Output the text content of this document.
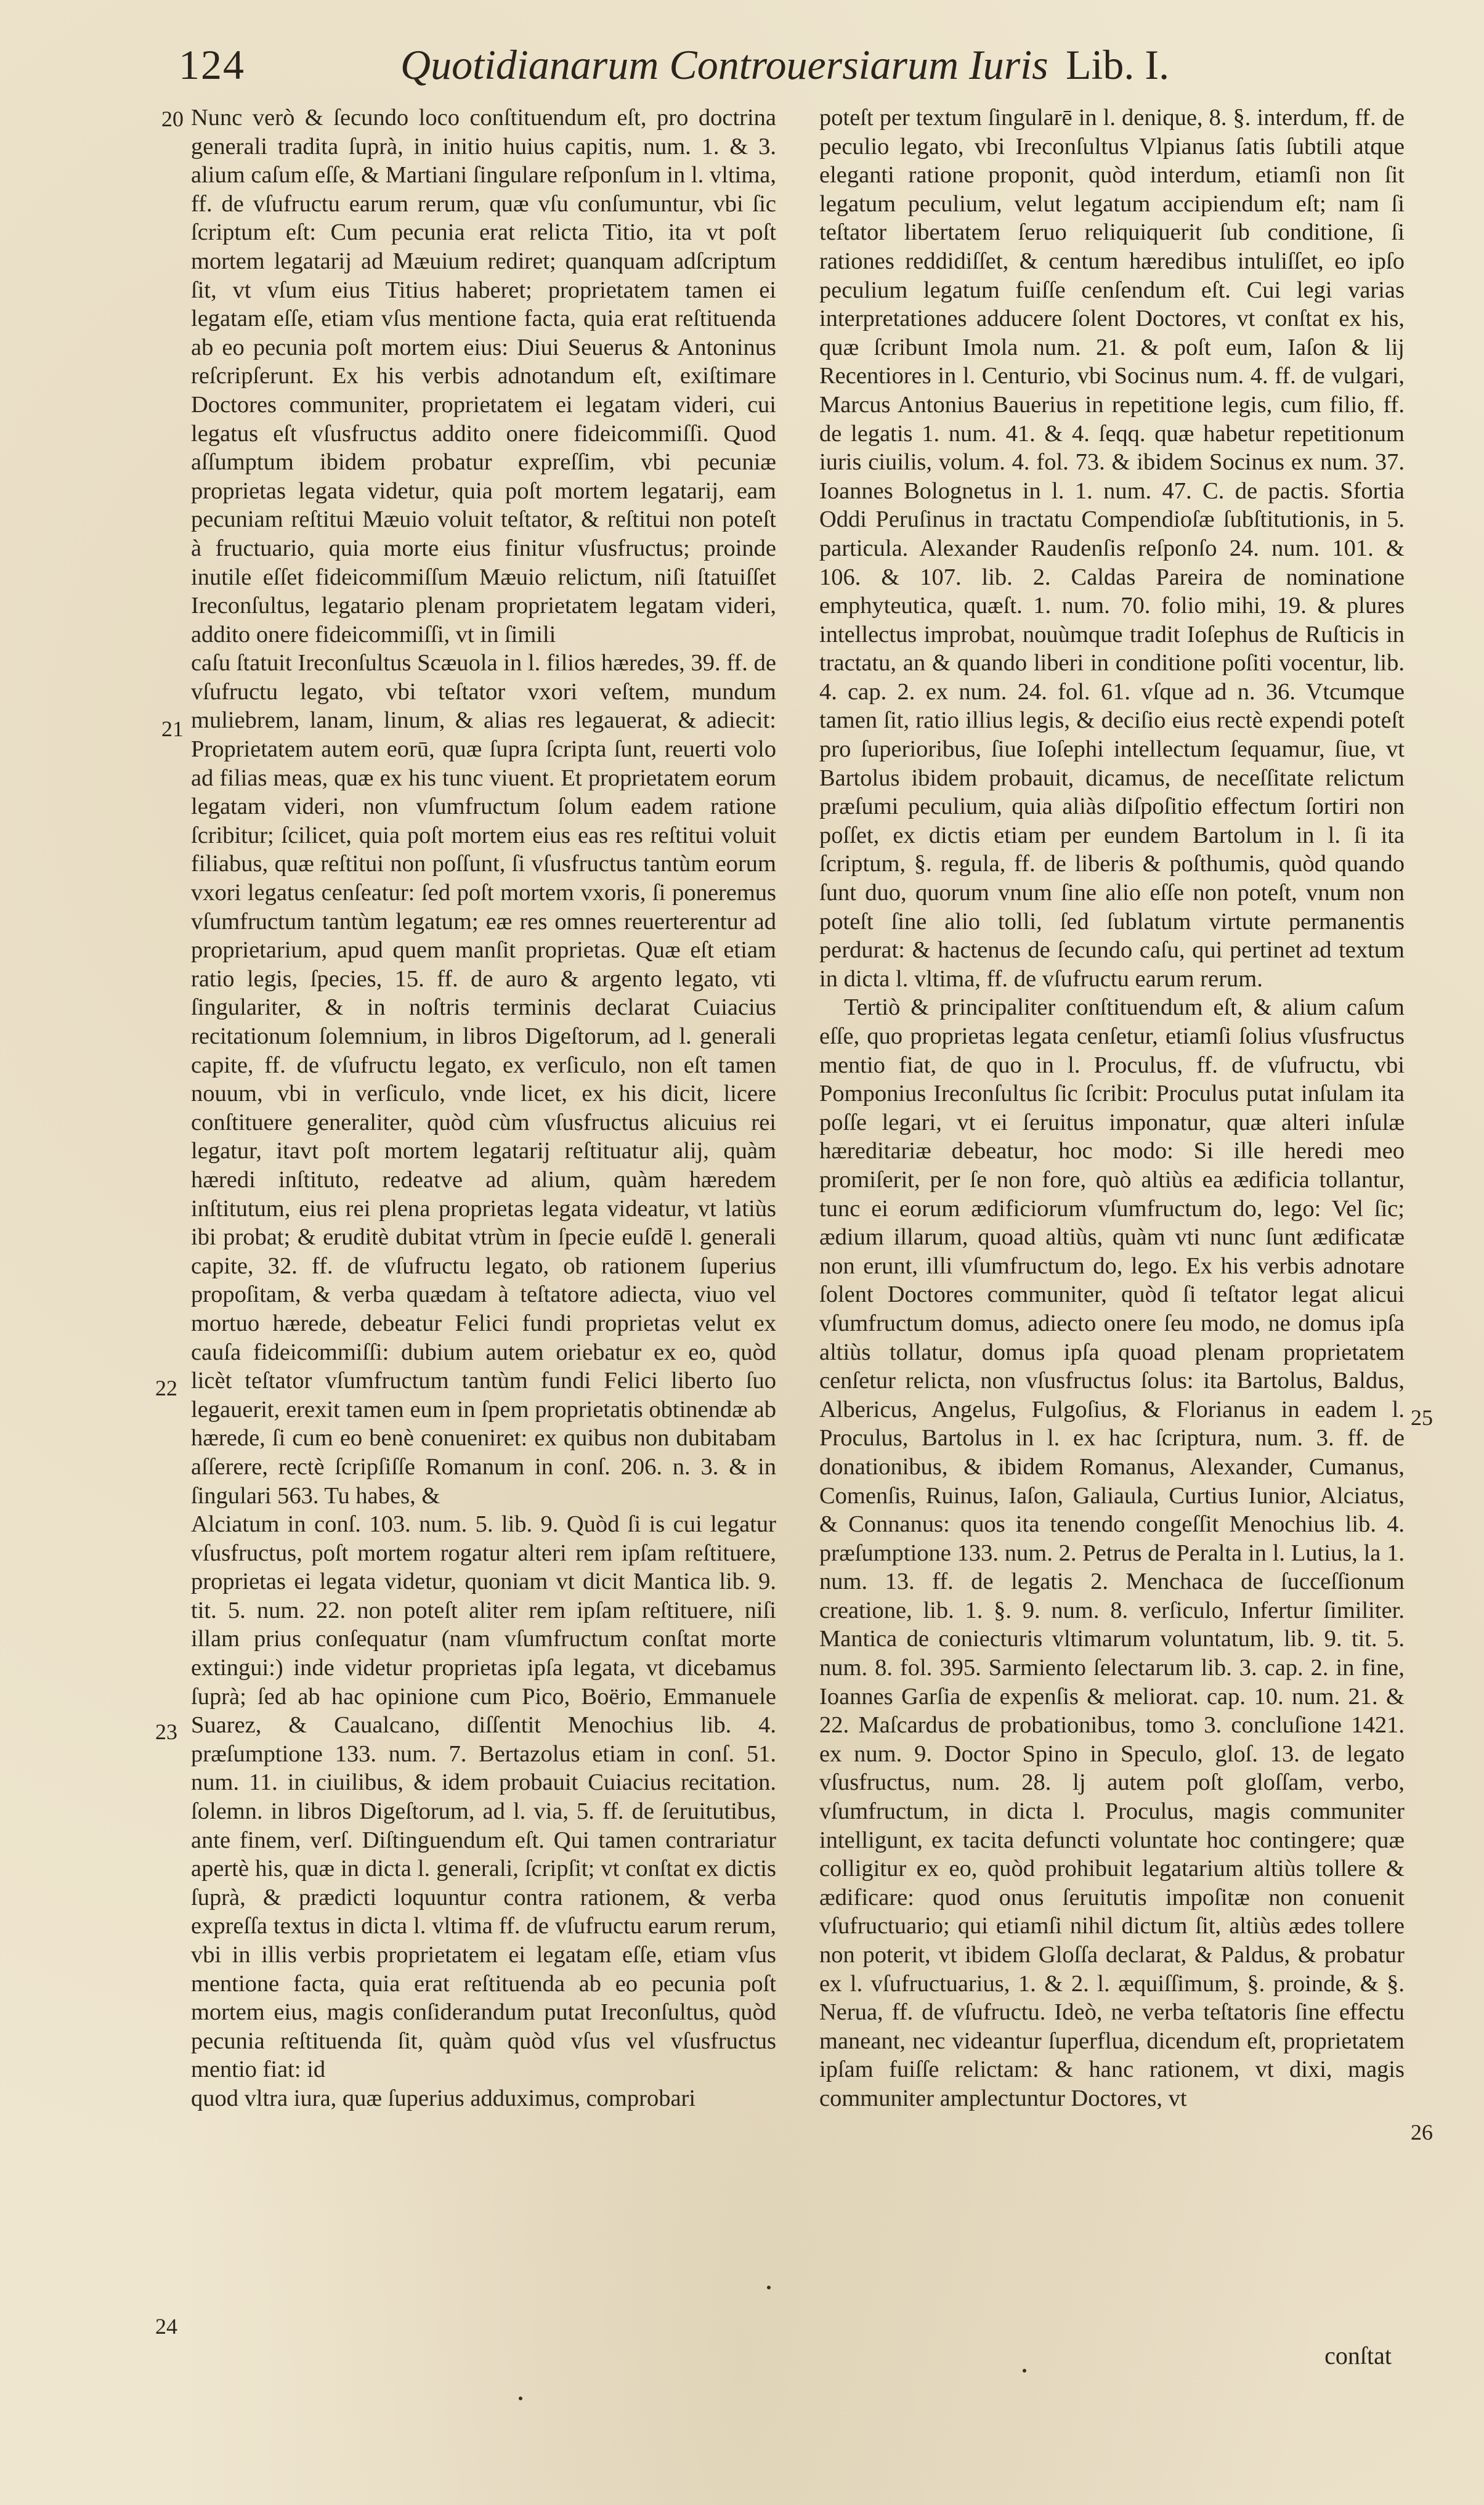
124	Quotidianarum Controuersiarum Iuris Lib. I.
20
21
22
23
24
25
26

Nunc verò & ſecundo loco conſtituendum eſt, pro doctrina generali tradita ſuprà, in initio huius capitis, num. 1. & 3. alium caſum eſſe, & Martiani ſingulare reſponſum in l. vltima, ff. de vſufructu earum rerum, quæ vſu conſumuntur, vbi ſic ſcriptum eſt: Cum pecunia erat relicta Titio, ita vt poſt mortem legatarij ad Mæuium rediret; quanquam adſcriptum ſit, vt vſum eius Titius haberet; proprietatem tamen ei legatam eſſe, etiam vſus mentione facta, quia erat reſtituenda ab eo pecunia poſt mortem eius: Diui Seuerus & Antoninus reſcripſerunt. Ex his verbis adnotandum eſt, exiſtimare Doctores communiter, proprietatem ei legatam videri, cui legatus eſt vſusfructus addito onere fideicommiſſi. Quod aſſumptum ibidem probatur expreſſim, vbi pecuniæ proprietas legata videtur, quia poſt mortem legatarij, eam pecuniam reſtitui Mæuio voluit teſtator, & reſtitui non poteſt à fructuario, quia morte eius finitur vſusfructus; proinde inutile eſſet fideicommiſſum Mæuio relictum, niſi ſtatuiſſet Ireconſultus, legatario plenam proprietatem legatam videri, addito onere fideicommiſſi, vt in ſimili

caſu ſtatuit Ireconſultus Scæuola in l. filios hæredes, 39. ff. de vſufructu legato, vbi teſtator vxori veſtem, mundum muliebrem, lanam, linum, & alias res legauerat, & adiecit: Proprietatem autem eorū, quæ ſupra ſcripta ſunt, reuerti volo ad filias meas, quæ ex his tunc viuent. Et proprietatem eorum legatam videri, non vſumfructum ſolum eadem ratione ſcribitur; ſcilicet, quia poſt mortem eius eas res reſtitui voluit filiabus, quæ reſtitui non poſſunt, ſi vſusfructus tantùm eorum vxori legatus cenſeatur: ſed poſt mortem vxoris, ſi poneremus vſumfructum tantùm legatum; eæ res omnes reuerterentur ad proprietarium, apud quem manſit proprietas. Quæ eſt etiam ratio legis, ſpecies, 15. ff. de auro & argento legato, vti ſingulariter, & in noſtris terminis declarat Cuiacius recitationum ſolemnium, in libros Digeſtorum, ad l. generali capite, ff. de vſufructu legato, ex verſiculo, non eſt tamen nouum, vbi in verſiculo, vnde licet, ex his dicit, licere conſtituere generaliter, quòd cùm vſusfructus alicuius rei legatur, itavt poſt mortem legatarij reſtituatur alij, quàm hæredi inſtituto, redeatve ad alium, quàm hæredem inſtitutum, eius rei plena proprietas legata videatur, vt latiùs ibi probat; & eruditè dubitat vtrùm in ſpecie euſdē l. generali capite, 32. ff. de vſufructu legato, ob rationem ſuperius propoſitam, & verba quædam à teſtatore adiecta, viuo vel mortuo hærede, debeatur Felici fundi proprietas velut ex cauſa fideicommiſſi: dubium autem oriebatur ex eo, quòd licèt teſtator vſumfructum tantùm fundi Felici liberto ſuo legauerit, erexit tamen eum in ſpem proprietatis obtinendæ ab hærede, ſi cum eo benè conueniret: ex quibus non dubitabam aſſerere, rectè ſcripſiſſe Romanum in conſ. 206. n. 3. & in ſingulari 563. Tu habes, &

Alciatum in conſ. 103. num. 5. lib. 9. Quòd ſi is cui legatur vſusfructus, poſt mortem rogatur alteri rem ipſam reſtituere, proprietas ei legata videtur, quoniam vt dicit Mantica lib. 9. tit. 5. num. 22. non poteſt aliter rem ipſam reſtituere, niſi illam prius conſequatur (nam vſumfructum conſtat morte extingui:) inde videtur proprietas ipſa legata, vt dicebamus ſuprà; ſed ab hac opinione cum Pico, Boërio, Emmanuele Suarez, & Caualcano, diſſentit Menochius lib. 4. præſumptione 133. num. 7. Bertazolus etiam in conſ. 51. num. 11. in ciuilibus, & idem probauit Cuiacius recitation. ſolemn. in libros Digeſtorum, ad l. via, 5. ff. de ſeruitutibus, ante finem, verſ. Diſtinguendum eſt. Qui tamen contrariatur apertè his, quæ in dicta l. generali, ſcripſit; vt conſtat ex dictis ſuprà, & prædicti loquuntur contra rationem, & verba expreſſa textus in dicta l. vltima ff. de vſufructu earum rerum, vbi in illis verbis proprietatem ei legatam eſſe, etiam vſus mentione facta, quia erat reſtituenda ab eo pecunia poſt mortem eius, magis conſiderandum putat Ireconſultus, quòd pecunia reſtituenda ſit, quàm quòd vſus vel vſusfructus mentio fiat: id

quod vltra iura, quæ ſuperius adduximus, comprobari

poteſt per textum ſingularē in l. denique, 8. §. interdum, ff. de peculio legato, vbi Ireconſultus Vlpianus ſatis ſubtili atque eleganti ratione proponit, quòd interdum, etiamſi non ſit legatum peculium, velut legatum accipiendum eſt; nam ſi teſtator libertatem ſeruo reliquiquerit ſub conditione, ſi rationes reddidiſſet, & centum hæredibus intuliſſet, eo ipſo peculium legatum fuiſſe cenſendum eſt. Cui legi varias interpretationes adducere ſolent Doctores, vt conſtat ex his, quæ ſcribunt Imola num. 21. & poſt eum, Iaſon & lij Recentiores in l. Centurio, vbi Socinus num. 4. ff. de vulgari, Marcus Antonius Bauerius in repetitione legis, cum filio, ff. de legatis 1. num. 41. & 4. ſeqq. quæ habetur repetitionum iuris ciuilis, volum. 4. fol. 73. & ibidem Socinus ex num. 37. Ioannes Bolognetus in l. 1. num. 47. C. de pactis. Sfortia Oddi Peruſinus in tractatu Compendioſæ ſubſtitutionis, in 5. particula. Alexander Raudenſis reſponſo 24. num. 101. & 106. & 107. lib. 2. Caldas Pareira de nominatione emphyteutica, quæſt. 1. num. 70. folio mihi, 19. & plures intellectus improbat, nouùmque tradit Ioſephus de Ruſticis in tractatu, an & quando liberi in conditione poſiti vocentur, lib. 4. cap. 2. ex num. 24. fol. 61. vſque ad n. 36. Vtcumque tamen ſit, ratio illius legis, & deciſio eius rectè expendi poteſt pro ſuperioribus, ſiue Ioſephi intellectum ſequamur, ſiue, vt Bartolus ibidem probauit, dicamus, de neceſſitate relictum præſumi peculium, quia aliàs diſpoſitio effectum ſortiri non poſſet, ex dictis etiam per eundem Bartolum in l. ſi ita ſcriptum, §. regula, ff. de liberis & poſthumis, quòd quando ſunt duo, quorum vnum ſine alio eſſe non poteſt, vnum non poteſt ſine alio tolli, ſed ſublatum virtute permanentis perdurat: & hactenus de ſecundo caſu, qui pertinet ad textum in dicta l. vltima, ff. de vſufructu earum rerum.

Tertiò & principaliter conſtituendum eſt, & alium caſum eſſe, quo proprietas legata cenſetur, etiamſi ſolius vſusfructus mentio fiat, de quo in l. Proculus, ff. de vſufructu, vbi Pomponius Ireconſultus ſic ſcribit: Proculus putat inſulam ita poſſe legari, vt ei ſeruitus imponatur, quæ alteri inſulæ hæreditariæ debeatur, hoc modo: Si ille heredi meo promiſerit, per ſe non fore, quò altiùs ea ædificia tollantur, tunc ei eorum ædificiorum vſumfructum do, lego: Vel ſic; ædium illarum, quoad altiùs, quàm vti nunc ſunt ædificatæ non erunt, illi vſumfructum do, lego. Ex his verbis adnotare ſolent Doctores communiter, quòd ſi teſtator legat alicui vſumfructum domus, adiecto onere ſeu modo, ne domus ipſa altiùs tollatur, domus ipſa quoad plenam proprietatem cenſetur relicta, non vſusfructus ſolus: ita Bartolus, Baldus, Albericus, Angelus, Fulgoſius, & Florianus in eadem l. Proculus, Bartolus in l. ex hac ſcriptura, num. 3. ff. de donationibus, & ibidem Romanus, Alexander, Cumanus, Comenſis, Ruinus, Iaſon, Galiaula, Curtius Iunior, Alciatus, & Connanus: quos ita tenendo congeſſit Menochius lib. 4. præſumptione 133. num. 2. Petrus de Peralta in l. Lutius, la 1. num. 13. ff. de legatis 2. Menchaca de ſucceſſionum creatione, lib. 1. §. 9. num. 8. verſiculo, Infertur ſimiliter. Mantica de coniecturis vltimarum voluntatum, lib. 9. tit. 5. num. 8. fol. 395. Sarmiento ſelectarum lib. 3. cap. 2. in fine, Ioannes Garſia de expenſis & meliorat. cap. 10. num. 21. & 22. Maſcardus de probationibus, tomo 3. concluſione 1421. ex num. 9. Doctor Spino in Speculo, gloſ. 13. de legato vſusfructus, num. 28. lj autem poſt gloſſam, verbo, vſumfructum, in dicta l. Proculus, magis communiter intelligunt, ex tacita defuncti voluntate hoc contingere; quæ colligitur ex eo, quòd prohibuit legatarium altiùs tollere & ædificare: quod onus ſeruitutis impoſitæ non conuenit vſufructuario; qui etiamſi nihil dictum ſit, altiùs ædes tollere non poterit, vt ibidem Gloſſa declarat, & Paldus, & probatur ex l. vſufructuarius, 1. & 2. l. æquiſſimum, §. proinde, & §. Nerua, ff. de vſufructu. Ideò, ne verba teſtatoris ſine effectu maneant, nec videantur ſuperflua, dicendum eſt, proprietatem ipſam fuiſſe relictam: & hanc rationem, vt dixi, magis communiter amplectuntur Doctores, vt

conſtat
